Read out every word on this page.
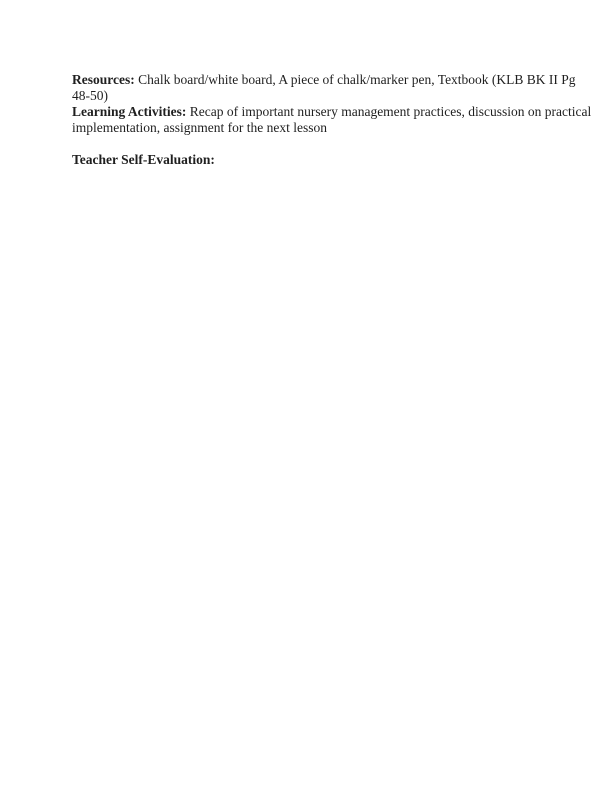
Resources: Chalk board/white board, A piece of chalk/marker pen, Textbook (KLB BK II Pg
48-50)

Learning Activities: Recap of important nursery management practices, discussion on practical
implementation, assignment for the next lesson

Teacher Self-Evaluation:
